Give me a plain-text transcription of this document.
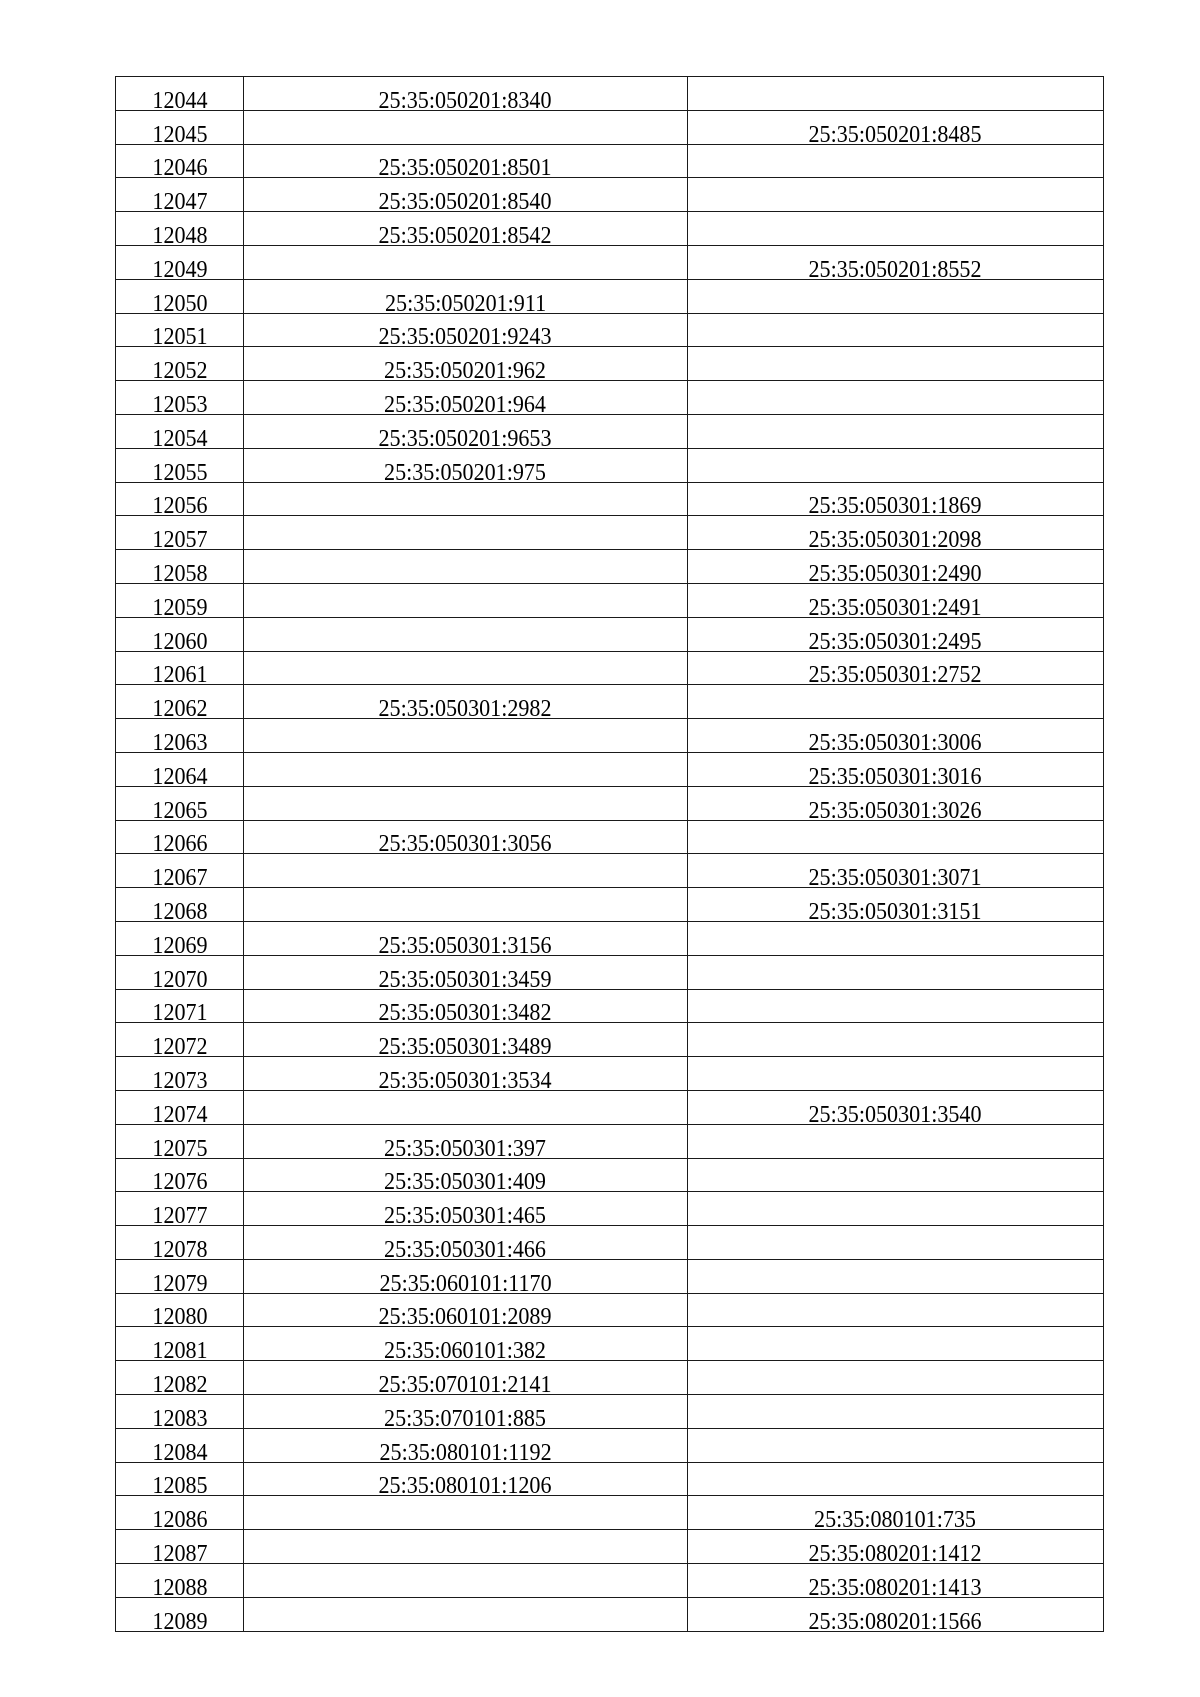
12044	25:35:050201:8340	
12045		25:35:050201:8485
12046	25:35:050201:8501	
12047	25:35:050201:8540	
12048	25:35:050201:8542	
12049		25:35:050201:8552
12050	25:35:050201:911	
12051	25:35:050201:9243	
12052	25:35:050201:962	
12053	25:35:050201:964	
12054	25:35:050201:9653	
12055	25:35:050201:975	
12056		25:35:050301:1869
12057		25:35:050301:2098
12058		25:35:050301:2490
12059		25:35:050301:2491
12060		25:35:050301:2495
12061		25:35:050301:2752
12062	25:35:050301:2982	
12063		25:35:050301:3006
12064		25:35:050301:3016
12065		25:35:050301:3026
12066	25:35:050301:3056	
12067		25:35:050301:3071
12068		25:35:050301:3151
12069	25:35:050301:3156	
12070	25:35:050301:3459	
12071	25:35:050301:3482	
12072	25:35:050301:3489	
12073	25:35:050301:3534	
12074		25:35:050301:3540
12075	25:35:050301:397	
12076	25:35:050301:409	
12077	25:35:050301:465	
12078	25:35:050301:466	
12079	25:35:060101:1170	
12080	25:35:060101:2089	
12081	25:35:060101:382	
12082	25:35:070101:2141	
12083	25:35:070101:885	
12084	25:35:080101:1192	
12085	25:35:080101:1206	
12086		25:35:080101:735
12087		25:35:080201:1412
12088		25:35:080201:1413
12089		25:35:080201:1566
